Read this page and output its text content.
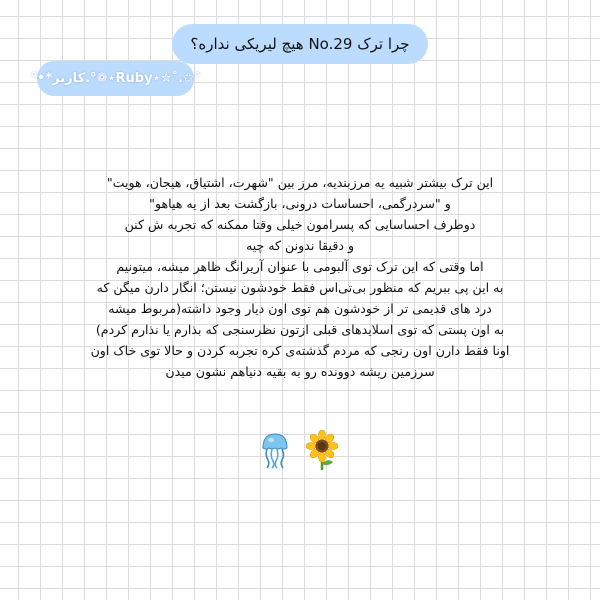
چرا ترک No.29 هیچ لیریکی نداره؟
°•*کاربر.°❁⋆Ruby⋆✮˚.✩°
این ترک بیشتر شبیه یه مرزبندیه، مرز بین "شهرت، اشتیاق، هیجان، هویت"
و "سردرگمی، احساسات درونی، بازگشت بعد از یه هیاهو"
دوطرف احساسایی که پسرامون خیلی وقتا ممکنه که تجربه ش کنن
و دقیقا ندونن که چیه
اما وقتی که این ترک توی آلبومی با عنوان آریرانگ ظاهر میشه، میتونیم
به این پی ببریم که منظور بی‌تی‌اس فقط خودشون نیستن؛ انگار دارن میگن که
درد های قدیمی تر از خودشون هم توی اون دیار وجود داشته(مربوط میشه
به اون پستی که توی اسلایدهای قبلی ازتون نظرسنجی که بذارم یا نذارم کردم)
اونا فقط دارن اون رنجی که مردم گذشته‌ی کره تجربه کردن و حالا توی خاک اون
سرزمین ریشه دوونده رو به بقیه دنیاهم نشون میدن
